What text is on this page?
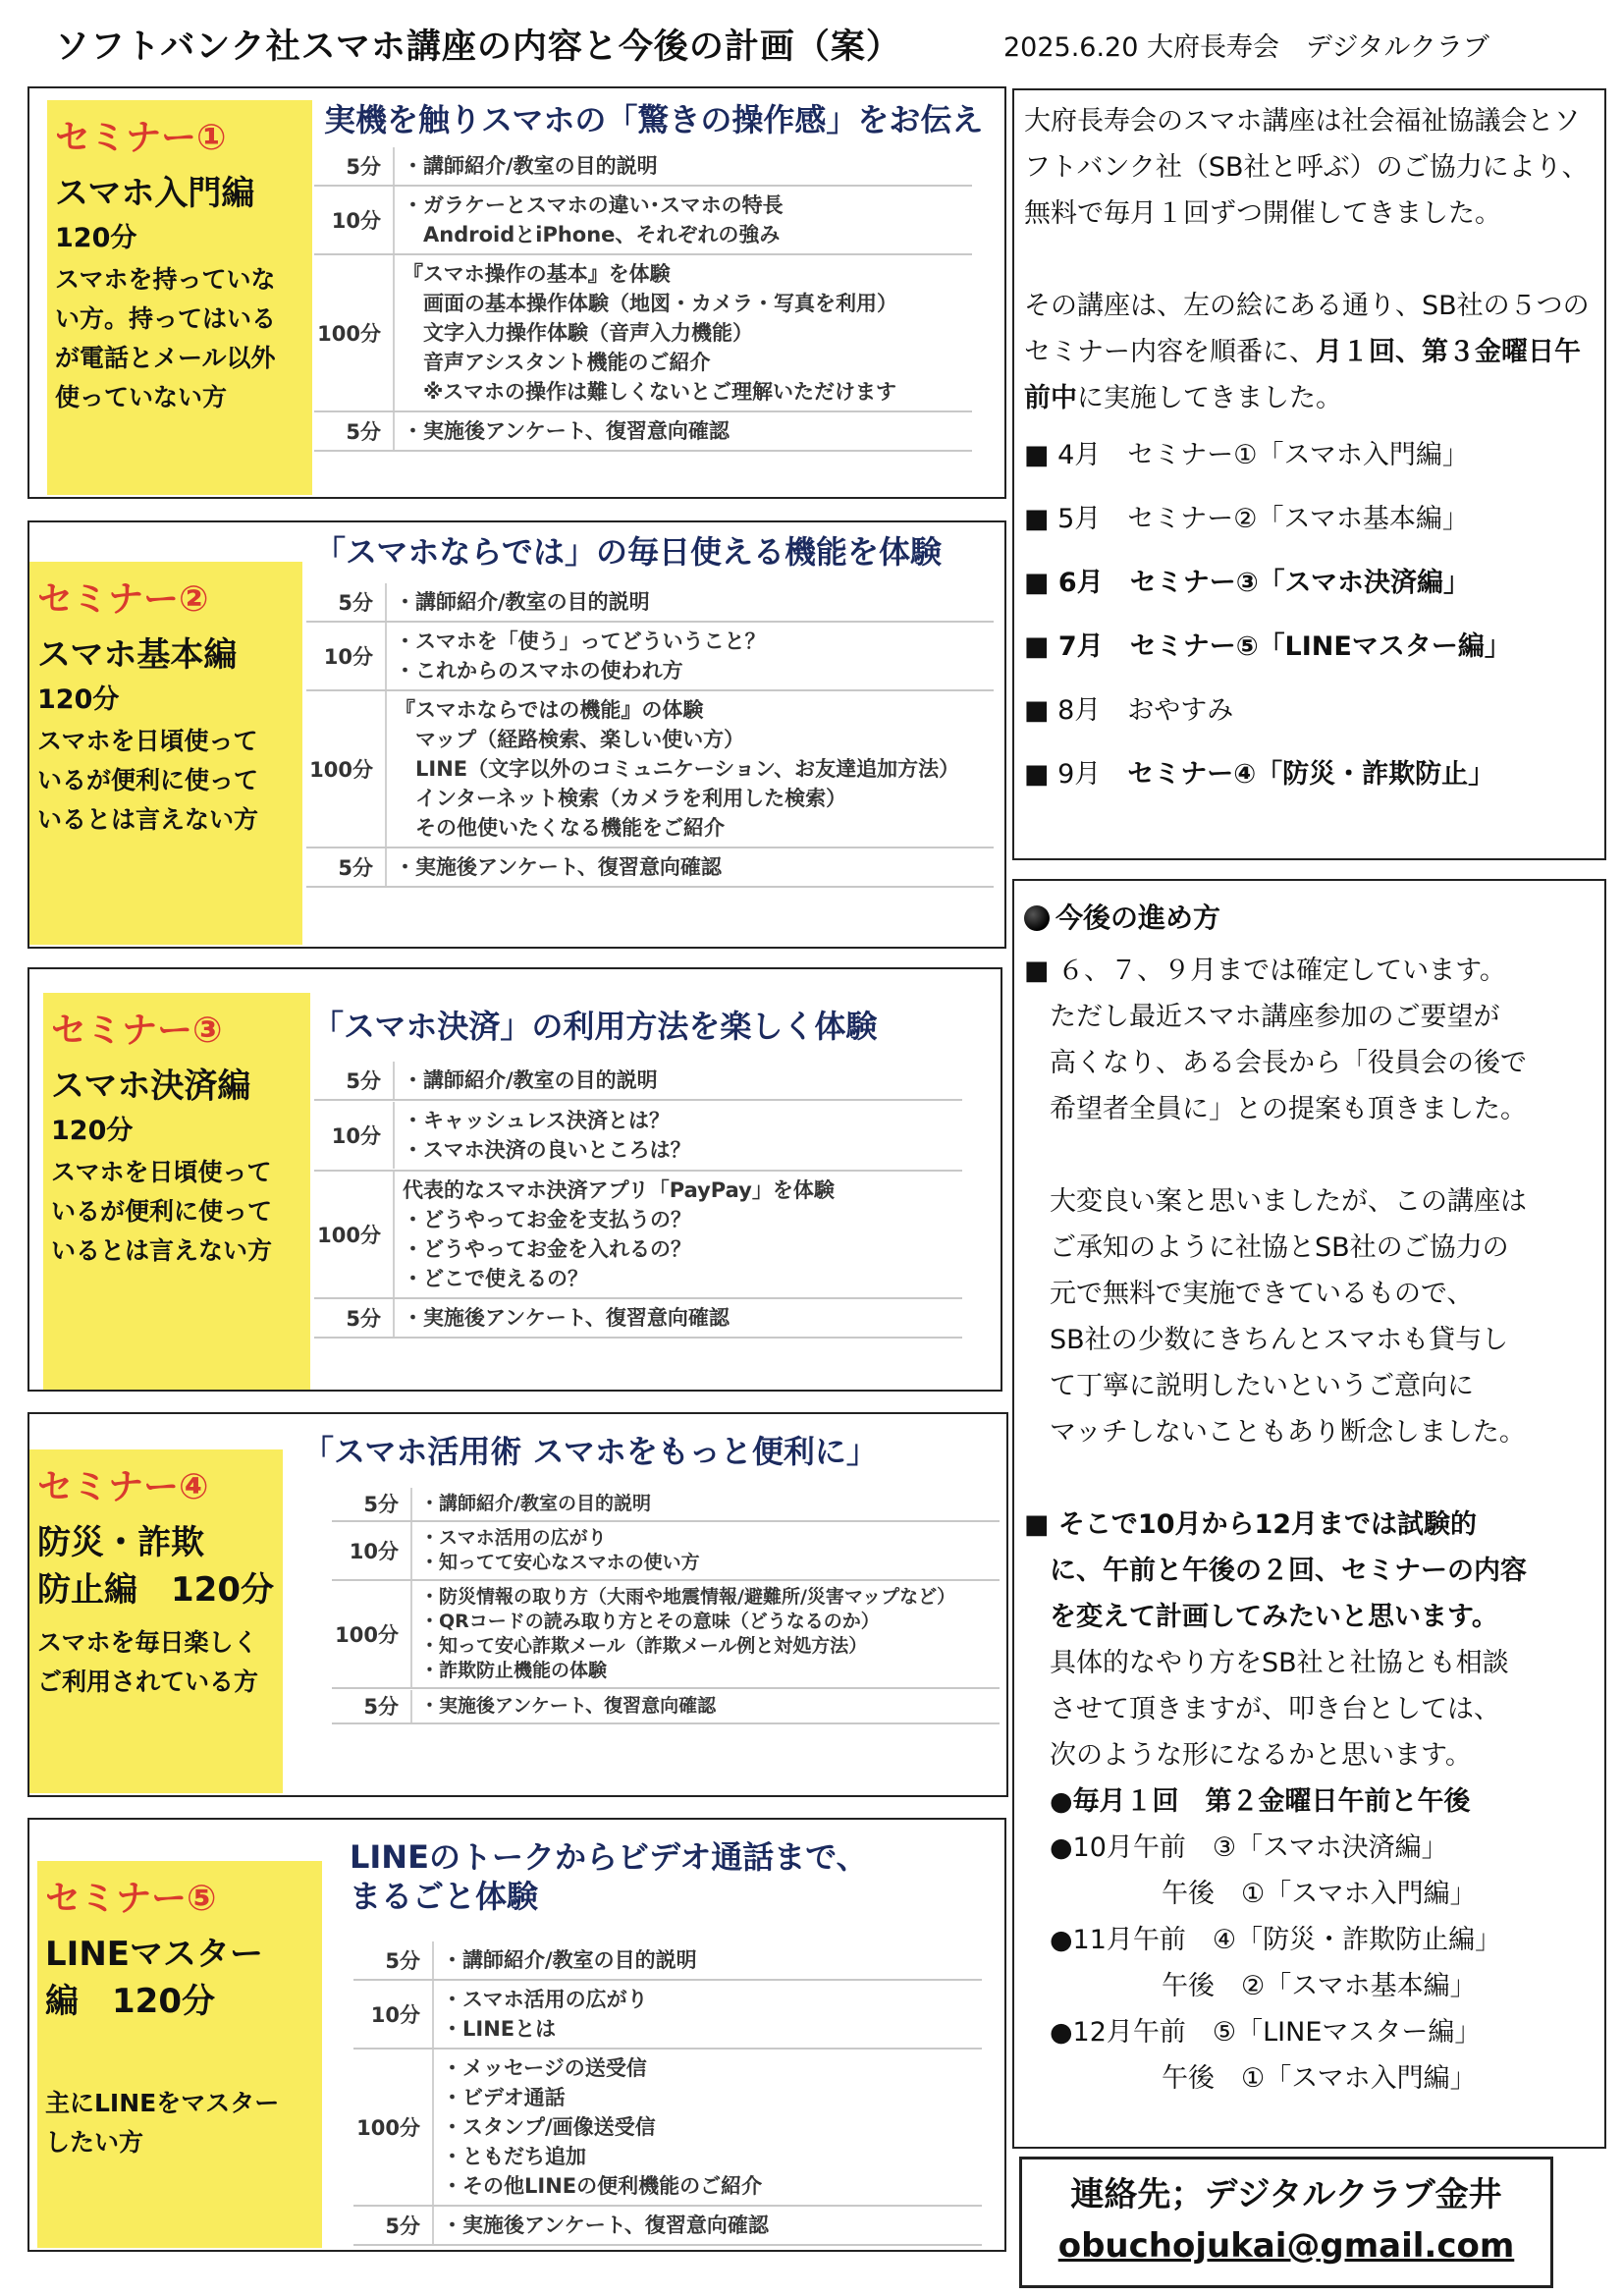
ソフトバンク社スマホ講座の内容と今後の計画（案）	2025.6.20 大府長寿会　デジタルクラブ
セミナー①
スマホ入門編
120分
スマホを持っていな
い方。持ってはいる
が電話とメール以外
使っていない方
実機を触りスマホの「驚きの操作感」をお伝え
5分	・講師紹介/教室の目的説明
10分
・ガラケーとスマホの違い･スマホの特長
　AndroidとiPhone、それぞれの強み
100分
『スマホ操作の基本』を体験
　画面の基本操作体験（地図・カメラ・写真を利用）
　文字入力操作体験（音声入力機能）
　音声アシスタント機能のご紹介
　※スマホの操作は難しくないとご理解いただけます
5分	・実施後アンケート、復習意向確認
セミナー②
スマホ基本編
120分
スマホを日頃使って
いるが便利に使って
いるとは言えない方
「スマホならでは」の毎日使える機能を体験
5分	・講師紹介/教室の目的説明
10分
・スマホを「使う」ってどういうこと？
・これからのスマホの使われ方
100分
『スマホならではの機能』の体験
　マップ（経路検索、楽しい使い方）
　LINE（文字以外のコミュニケーション、お友達追加方法）
　インターネット検索（カメラを利用した検索）
　その他使いたくなる機能をご紹介
5分	・実施後アンケート、復習意向確認
セミナー③
スマホ決済編
120分
スマホを日頃使って
いるが便利に使って
いるとは言えない方
「スマホ決済」の利用方法を楽しく体験
5分	・講師紹介/教室の目的説明
10分
・キャッシュレス決済とは？
・スマホ決済の良いところは？
100分
代表的なスマホ決済アプリ「PayPay」を体験
・どうやってお金を支払うの？
・どうやってお金を入れるの？
・どこで使えるの？
5分	・実施後アンケート、復習意向確認
セミナー④
防災・詐欺
防止編　120分
スマホを毎日楽しく
ご利用されている方
「スマホ活用術 スマホをもっと便利に」
5分	・講師紹介/教室の目的説明
10分
・スマホ活用の広がり
・知ってて安心なスマホの使い方
100分
・防災情報の取り方（大雨や地震情報/避難所/災害マップなど）
・QRコードの読み取り方とその意味（どうなるのか）
・知って安心詐欺メール（詐欺メール例と対処方法）
・詐欺防止機能の体験
5分	・実施後アンケート、復習意向確認
セミナー⑤
LINEマスター
編　120分
主にLINEをマスター
したい方
LINEのトークからビデオ通話まで、
まるごと体験
5分	・講師紹介/教室の目的説明
10分
・スマホ活用の広がり
・LINEとは
100分
・メッセージの送受信
・ビデオ通話
・スタンプ/画像送受信
・ともだち追加
・その他LINEの便利機能のご紹介
5分	・実施後アンケート、復習意向確認
大府長寿会のスマホ講座は社会福祉協議会とソフトバンク社（SB社と呼ぶ）のご協力により、無料で毎月１回ずつ開催してきました。
その講座は、左の絵にある通り、SB社の５つのセミナー内容を順番に、月１回、第３金曜日午前中に実施してきました。
■ 4月　セミナー①「スマホ入門編」
■ 5月　セミナー②「スマホ基本編」
■ 6月　セミナー③「スマホ決済編」
■ 7月　セミナー⑤「LINEマスター編」
■ 8月　おやすみ
■ 9月　セミナー④「防災・詐欺防止」
今後の進め方
■ ６、７、９月までは確定しています。
ただし最近スマホ講座参加のご要望が
高くなり、ある会長から「役員会の後で
希望者全員に」との提案も頂きました。
大変良い案と思いましたが、この講座は
ご承知のように社協とSB社のご協力の
元で無料で実施できているもので、
SB社の少数にきちんとスマホも貸与し
て丁寧に説明したいというご意向に
マッチしないこともあり断念しました。
■ そこで10月から12月までは試験的
に、午前と午後の２回、セミナーの内容
を変えて計画してみたいと思います。
具体的なやり方をSB社と社協とも相談
させて頂きますが、叩き台としては、
次のような形になるかと思います。
●毎月１回　第２金曜日午前と午後
●10月午前　③「スマホ決済編」
午後　①「スマホ入門編」
●11月午前　④「防災・詐欺防止編」
午後　②「スマホ基本編」
●12月午前　⑤「LINEマスター編」
午後　①「スマホ入門編」
連絡先；デジタルクラブ金井
obuchojukai@gmail.com
